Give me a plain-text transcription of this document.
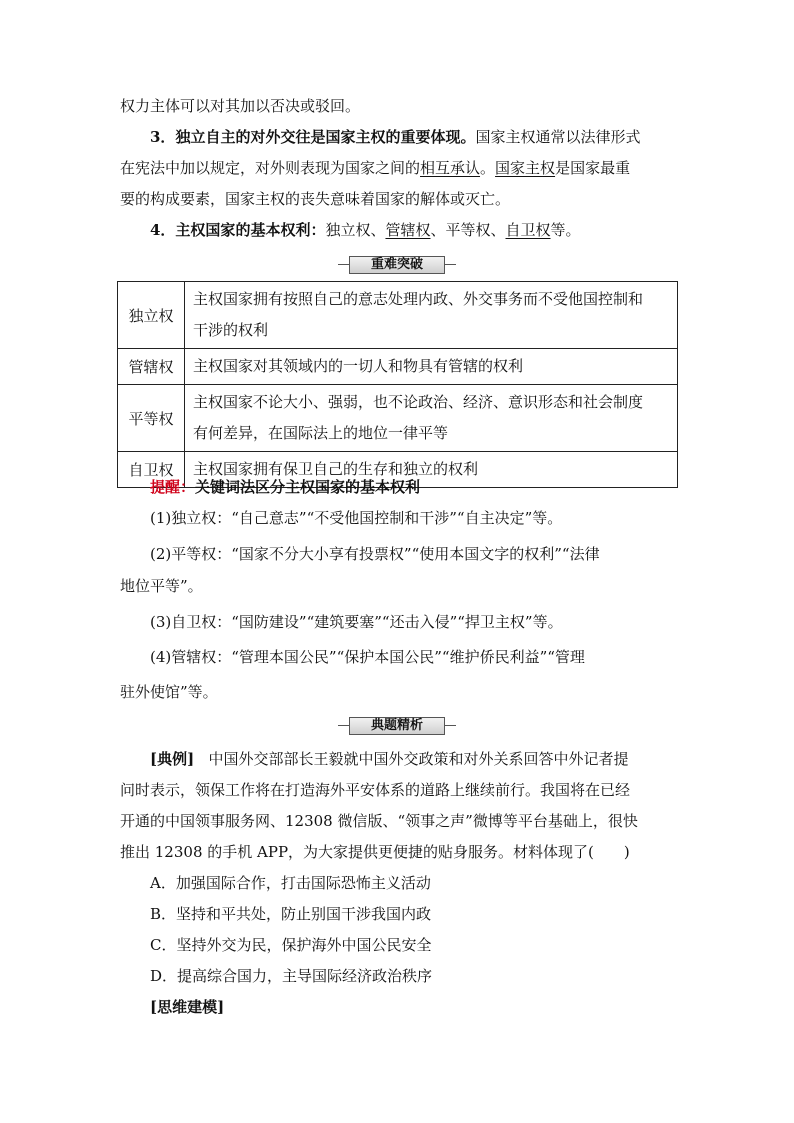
权力主体可以对其加以否决或驳回。
3．独立自主的对外交往是国家主权的重要体现。国家主权通常以法律形式
在宪法中加以规定，对外则表现为国家之间的相互承认。国家主权是国家最重
要的构成要素，国家主权的丧失意味着国家的解体或灭亡。
4．主权国家的基本权利：独立权、管辖权、平等权、自卫权等。
重难突破
独立权	主权国家拥有按照自己的意志处理内政、外交事务而不受他国控制和
干涉的权利

管辖权	主权国家对其领域内的一切人和物具有管辖的权利

平等权	主权国家不论大小、强弱，也不论政治、经济、意识形态和社会制度
有何差异，在国际法上的地位一律平等

自卫权	主权国家拥有保卫自己的生存和独立的权利
提醒：关键词法区分主权国家的基本权利
(1)独立权：“自己意志”“不受他国控制和干涉”“自主决定”等。
(2)平等权：“国家不分大小享有投票权”“使用本国文字的权利”“法律
地位平等”。
(3)自卫权：“国防建设”“建筑要塞”“还击入侵”“捍卫主权”等。
(4)管辖权：“管理本国公民”“保护本国公民”“维护侨民利益”“管理
驻外使馆”等。
典题精析
[典例] 中国外交部部长王毅就中国外交政策和对外关系回答中外记者提
问时表示，领保工作将在打造海外平安体系的道路上继续前行。我国将在已经
开通的中国领事服务网、12308 微信版、“领事之声”微博等平台基础上，很快
推出 12308 的手机 APP，为大家提供更便捷的贴身服务。材料体现了(　　)
A．加强国际合作，打击国际恐怖主义活动
B．坚持和平共处，防止别国干涉我国内政
C．坚持外交为民，保护海外中国公民安全
D．提高综合国力，主导国际经济政治秩序
[思维建模]
